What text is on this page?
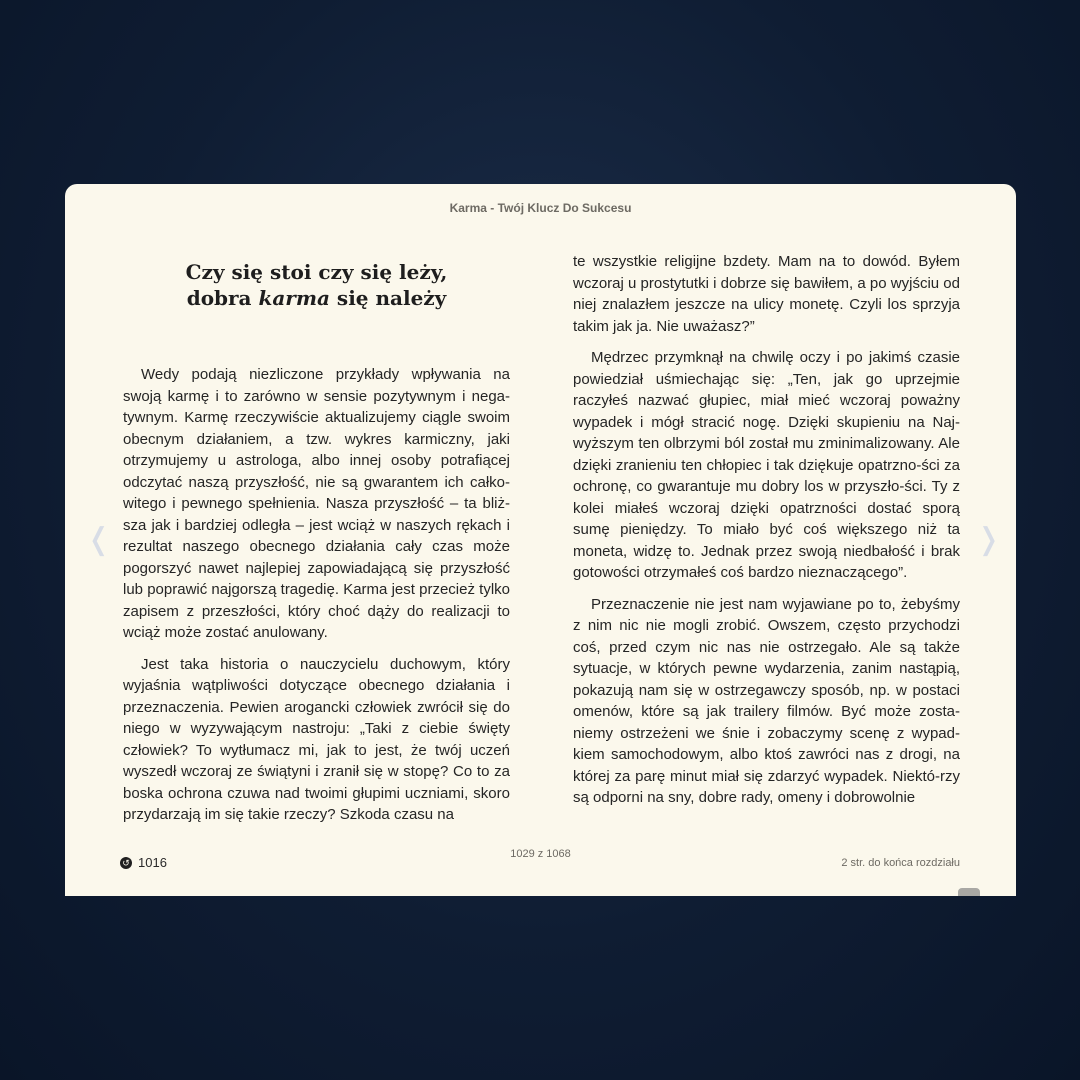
Karma - Twój Klucz Do Sukcesu
Czy się stoi czy się leży,
dobra karma się należy

Wedy podają niezliczone przykłady wpływania na swoją karmę i to zarówno w sensie pozytywnym i nega-tywnym. Karmę rzeczywiście aktualizujemy ciągle swoim obecnym działaniem, a tzw. wykres karmiczny, jaki otrzymujemy u astrologa, albo innej osoby potrafiącej odczytać naszą przyszłość, nie są gwarantem ich całko-witego i pewnego spełnienia. Nasza przyszłość – ta bliż-sza jak i bardziej odległa – jest wciąż w naszych rękach i rezultat naszego obecnego działania cały czas może pogorszyć nawet najlepiej zapowiadającą się przyszłość lub poprawić najgorszą tragedię. Karma jest przecież tylko zapisem z przeszłości, który choć dąży do realizacji to wciąż może zostać anulowany.

Jest taka historia o nauczycielu duchowym, który wyjaśnia wątpliwości dotyczące obecnego działania i przeznaczenia. Pewien arogancki człowiek zwrócił się do niego w wyzywającym nastroju: „Taki z ciebie święty człowiek? To wytłumacz mi, jak to jest, że twój uczeń wyszedł wczoraj ze świątyni i zranił się w stopę? Co to za boska ochrona czuwa nad twoimi głupimi uczniami, skoro przydarzają im się takie rzeczy? Szkoda czasu na

te wszystkie religijne bzdety. Mam na to dowód. Byłem wczoraj u prostytutki i dobrze się bawiłem, a po wyjściu od niej znalazłem jeszcze na ulicy monetę. Czyli los sprzyja takim jak ja. Nie uważasz?”

Mędrzec przymknął na chwilę oczy i po jakimś czasie powiedział uśmiechając się: „Ten, jak go uprzejmie raczyłeś nazwać głupiec, miał mieć wczoraj poważny wypadek i mógł stracić nogę. Dzięki skupieniu na Naj-wyższym ten olbrzymi ból został mu zminimalizowany. Ale dzięki zranieniu ten chłopiec i tak dziękuje opatrzno-ści za ochronę, co gwarantuje mu dobry los w przyszło-ści. Ty z kolei miałeś wczoraj dzięki opatrzności dostać sporą sumę pieniędzy. To miało być coś większego niż ta moneta, widzę to. Jednak przez swoją niedbałość i brak gotowości otrzymałeś coś bardzo nieznaczącego”.

Przeznaczenie nie jest nam wyjawiane po to, żebyśmy z nim nic nie mogli zrobić. Owszem, często przychodzi coś, przed czym nic nas nie ostrzegało. Ale są także sytuacje, w których pewne wydarzenia, zanim nastąpią, pokazują nam się w ostrzegawczy sposób, np. w postaci omenów, które są jak trailery filmów. Być może zosta-niemy ostrzeżeni we śnie i zobaczymy scenę z wypad-kiem samochodowym, albo ktoś zawróci nas z drogi, na której za parę minut miał się zdarzyć wypadek. Niektó-rzy są odporni na sny, dobre rady, omeny i dobrowolnie

↺ 1016
1029 z 1068
2 str. do końca rozdziału
❬	❭
